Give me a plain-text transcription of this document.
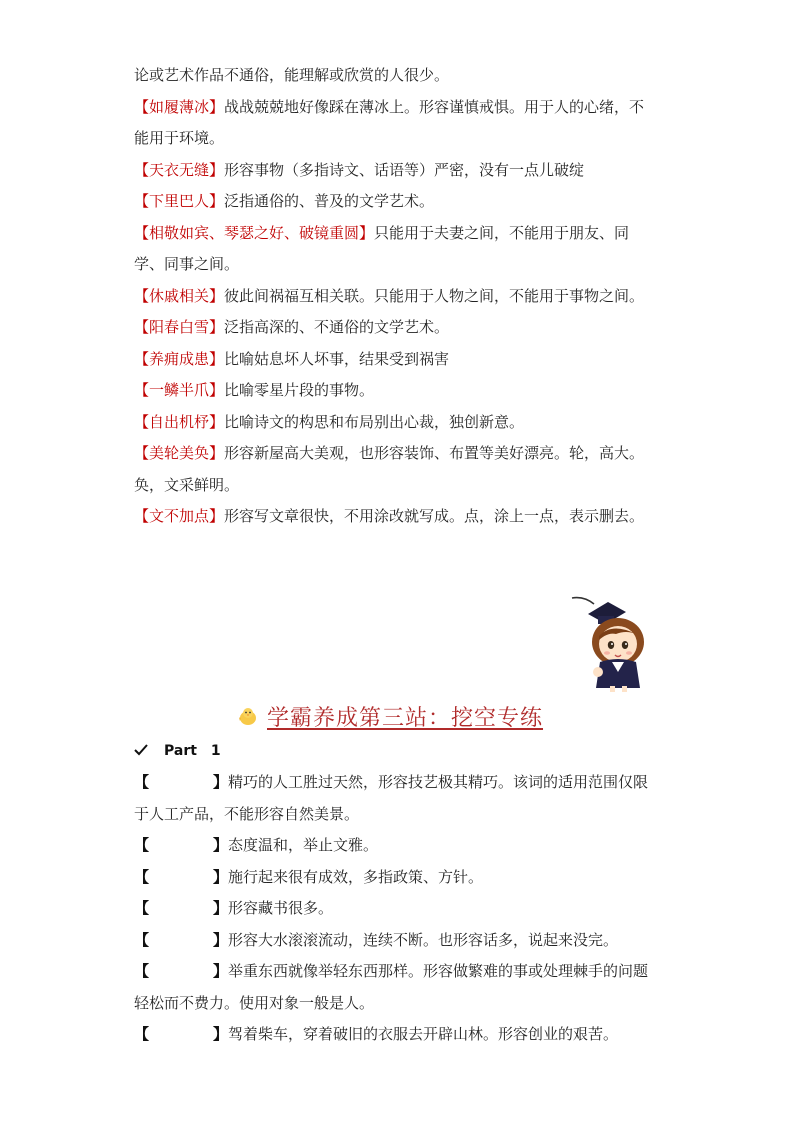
论或艺术作品不通俗，能理解或欣赏的人很少。

【如履薄冰】战战兢兢地好像踩在薄冰上。形容谨慎戒惧。用于人的心绪，不能用于环境。

【天衣无缝】形容事物（多指诗文、话语等）严密，没有一点儿破绽

【下里巴人】泛指通俗的、普及的文学艺术。

【相敬如宾、琴瑟之好、破镜重圆】只能用于夫妻之间，不能用于朋友、同学、同事之间。

【休戚相关】彼此间祸福互相关联。只能用于人物之间，不能用于事物之间。

【阳春白雪】泛指高深的、不通俗的文学艺术。

【养痈成患】比喻姑息坏人坏事，结果受到祸害

【一鳞半爪】比喻零星片段的事物。

【自出机杼】比喻诗文的构思和布局别出心裁，独创新意。

【美轮美奂】形容新屋高大美观，也形容装饰、布置等美好漂亮。轮，高大。奂，文采鲜明。

【文不加点】形容写文章很快，不用涂改就写成。点，涂上一点，表示删去。

学霸养成第三站：挖空专练
Part　1

【	】精巧的人工胜过天然，形容技艺极其精巧。该词的适用范围仅限于人工产品，不能形容自然美景。

【	】态度温和，举止文雅。

【	】施行起来很有成效，多指政策、方针。

【	】形容藏书很多。

【	】形容大水滚滚流动，连续不断。也形容话多，说起来没完。

【	】举重东西就像举轻东西那样。形容做繁难的事或处理棘手的问题轻松而不费力。使用对象一般是人。

【	】驾着柴车，穿着破旧的衣服去开辟山林。形容创业的艰苦。
